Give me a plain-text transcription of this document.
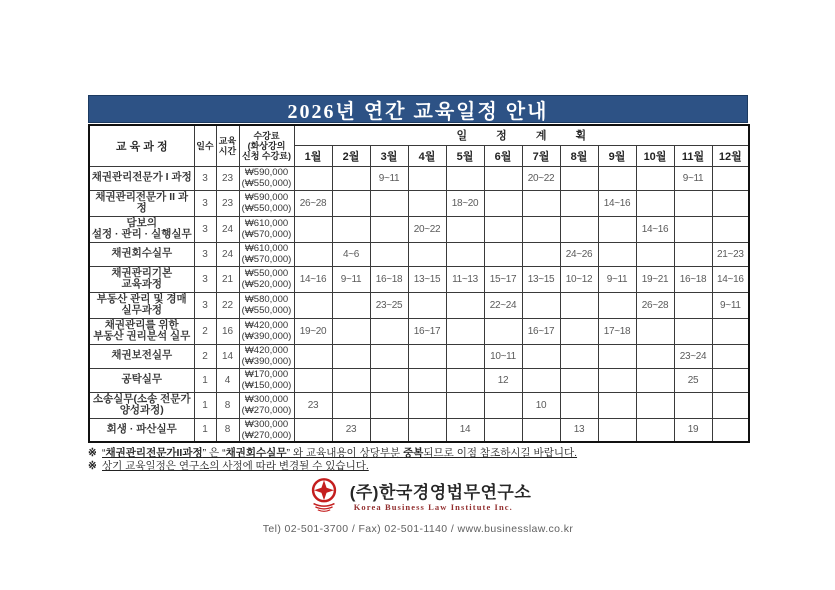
2026년 연간 교육일정 안내
교 육 과 정	일수	교육
시간	수강료
(화상강의
신청 수강료)	일 정 계 획											
				1월	2월	3월	4월	5월	6월	7월	8월	9월	10월	11월	12월
채권관리전문가 I 과정	3	23	₩590,000
(₩550,000)			9~11				20~22				9~11	
채권관리전문가 II 과정	3	23	₩590,000
(₩550,000)	26~28				18~20				14~16			
담보의
설정 · 관리 · 실행실무	3	24	₩610,000
(₩570,000)				20~22						14~16		
채권회수실무	3	24	₩610,000
(₩570,000)		4~6						24~26				21~23
채권관리기본
교육과정	3	21	₩550,000
(₩520,000)	14~16	9~11	16~18	13~15	11~13	15~17	13~15	10~12	9~11	19~21	16~18	14~16
부동산 관리 및 경매
실무과정	3	22	₩580,000
(₩550,000)			23~25			22~24				26~28		9~11
채권관리를 위한
부동산 권리분석 실무	2	16	₩420,000
(₩390,000)	19~20			16~17			16~17		17~18			
채권보전실무	2	14	₩420,000
(₩390,000)						10~11					23~24	
공탁실무	1	4	₩170,000
(₩150,000)						12					25	
소송실무(소송 전문가
양성과정)	1	8	₩300,000
(₩270,000)	23						10					
회생 · 파산실무	1	8	₩300,000
(₩270,000)		23			14			13			19	
※ “채권관리전문가II과정” 은 “채권회수실무” 와 교육내용이 상당부분 중복되므로 이점 참조하시길 바랍니다.
※ 상기 교육일정은 연구소의 사정에 따라 변경될 수 있습니다.
(주)한국경영법무연구소
Korea Business Law Institute Inc.
Tel) 02-501-3700 / Fax) 02-501-1140 / www.businesslaw.co.kr
